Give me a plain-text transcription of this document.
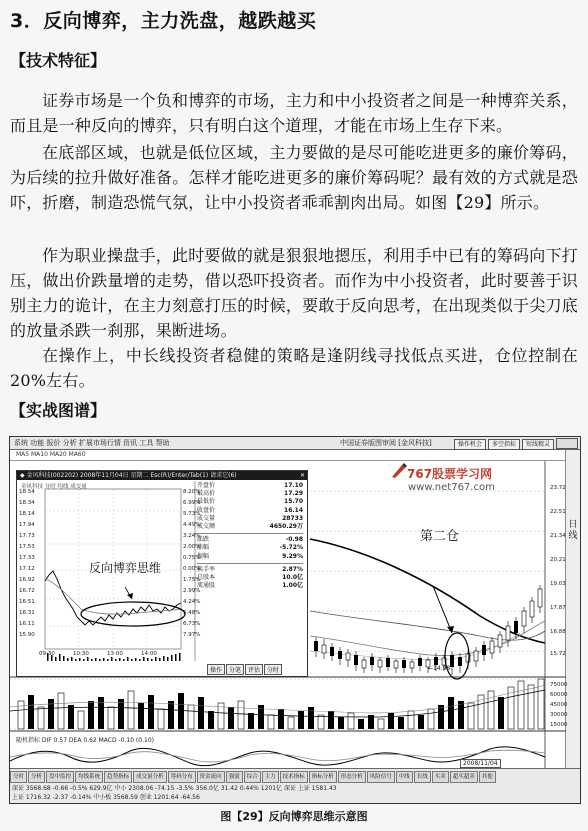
3．反向博弈，主力洗盘，越跌越买
【技术特征】
证券市场是一个负和博弈的市场，主力和中小投资者之间是一种博弈关系，而且是一种反向的博弈，只有明白这个道理，才能在市场上生存下来。
在底部区域，也就是低位区域，主力要做的是尽可能吃进更多的廉价筹码，为后续的拉升做好准备。怎样才能吃进更多的廉价筹码呢？最有效的方式就是恐吓，折磨，制造恐慌气氛，让中小投资者乖乖割肉出局。如图【29】所示。
作为职业操盘手，此时要做的就是狠狠地摁压，利用手中已有的筹码向下打压，做出价跌量增的走势，借以恐吓投资者。而作为中小投资者，此时要善于识别主力的诡计，在主力刻意打压的时候，要敢于反向思考，在出现类似于尖刀底的放量杀跌一刹那，果断进场。
在操作上，中长线投资者稳健的策略是逢阴线寻找低点买进，仓位控制在20%左右。
【实战图谱】
系统 功能 报价 分析 扩展市场行情 资讯 工具 帮助	中国证券版图审阅 [金风科技]	操作机会 多空指标 短线精灵
MA5 MA10 MA20 MA60
日线
23.72
22.51
21.34
20.21
19.03
17.87
16.88
15.72
75000
60000
45000
30000
15000
←14.98
随机指标 DIF 0.57 DEA 0.62 MACD -0.10 (0.10)
2008/11/04
767股票学习网
www.net767.com
第二仓
◆ 金风科技(002202) 2008年11月04日 星期二 Esc(R)/Enter/Tab(1) 请求它(6)	✕
金风科技 分时 均线 成交量
18.54
18.34
18.14
17.94
17.73
17.53
17.33
17.12
16.92
16.72
16.51
16.31
16.11
15.90
8.20%
6.99%
5.73%
4.49%
3.24%
2.00%
0.75%
0.00%
1.75%
2.99%
4.24%
5.48%
6.73%
7.97%
反向博弈思维
09:30	10:30	13:00	14:00
开盘价	17.10
最高价	17.29
最低价	15.70
收盘价	16.14
成交量	28733
成交额	4650.29万
涨跌	-0.98
涨幅	-5.72%
振幅	9.29%
换手率	2.87%
总股本	10.0亿
流通股	1.00亿
操作 分笔 评估 分时
分时 分析 盘中监控 均线系统 趋势指标 成交量分析 筹码分布 资金流向 强弱 综合 主力 技术指标 指标分析 形态分析 风险信号 中线 长线 买卖 超买超卖 其他
深证 3568.68 -0.66 -0.5% 629.9亿 中小 2308.06 -74.15 -3.5% 356.0亿 31.42 0.44% 1201亿 深证 上证 1581.43
上证 1716.32 -2.37 -0.14% 中小板 3568.59 创业 1201.64 -64.56
图【29】反向博弈思维示意图
